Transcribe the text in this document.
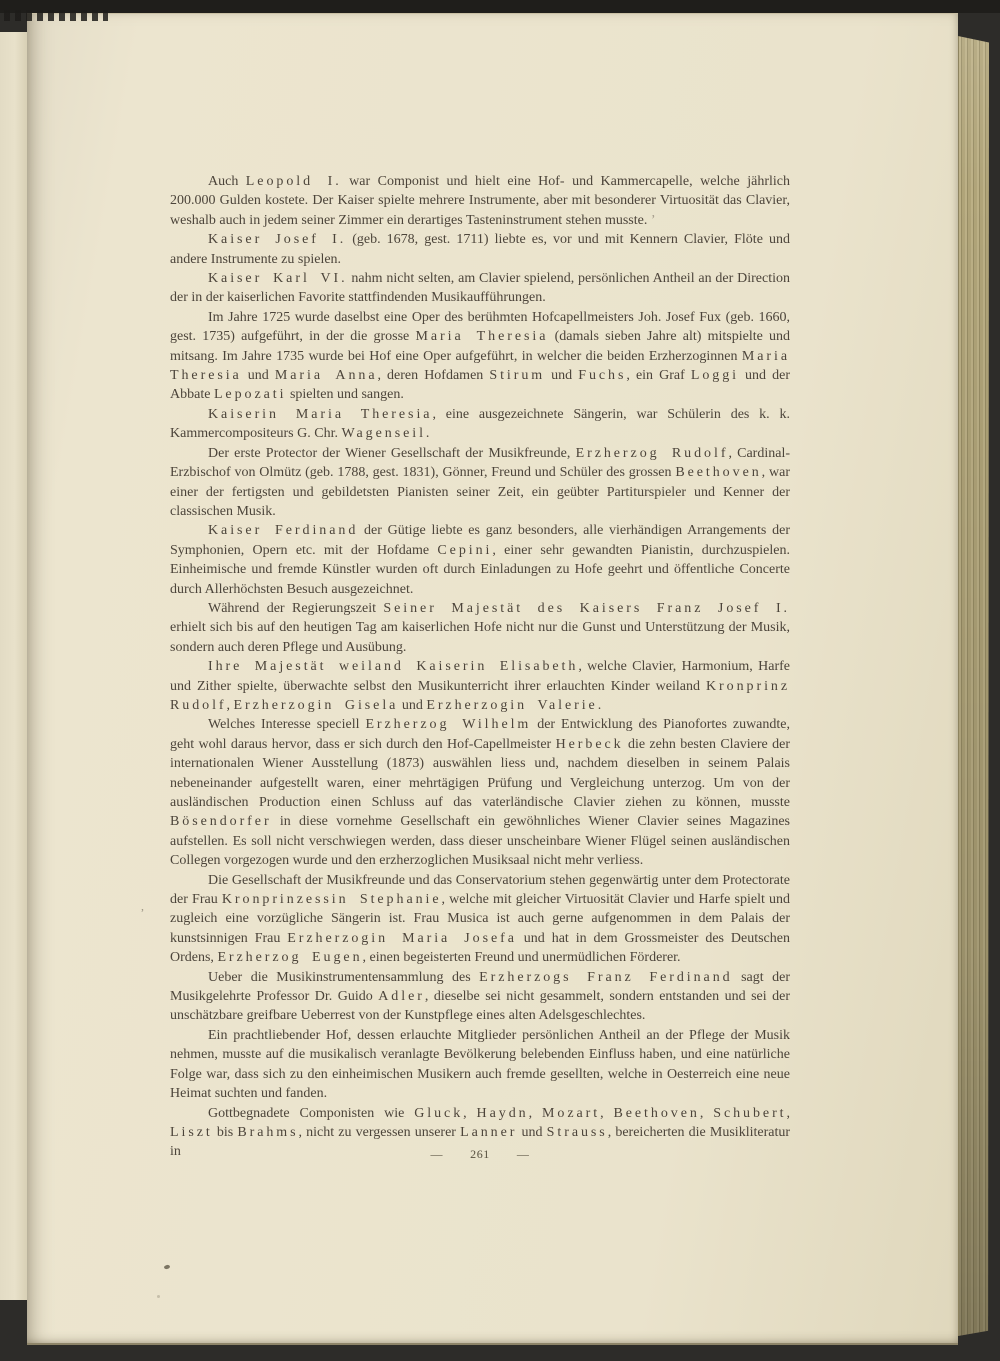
Auch Leopold I. war Componist und hielt eine Hof- und Kammercapelle, welche jährlich 200.000 Gulden kostete. Der Kaiser spielte mehrere Instrumente, aber mit besonderer Virtuosität das Clavier, weshalb auch in jedem seiner Zimmer ein derartiges Tasteninstrument stehen musste. ʼ

Kaiser Josef I. (geb. 1678, gest. 1711) liebte es, vor und mit Kennern Clavier, Flöte und andere Instrumente zu spielen.

Kaiser Karl VI. nahm nicht selten, am Clavier spielend, persönlichen Antheil an der Direction der in der kaiserlichen Favorite stattfindenden Musikaufführungen.

Im Jahre 1725 wurde daselbst eine Oper des berühmten Hofcapellmeisters Joh. Josef Fux (geb. 1660, gest. 1735) aufgeführt, in der die grosse Maria Theresia (damals sieben Jahre alt) mitspielte und mitsang. Im Jahre 1735 wurde bei Hof eine Oper aufgeführt, in welcher die beiden Erzherzoginnen Maria Theresia und Maria Anna, deren Hofdamen Stirum und Fuchs, ein Graf Loggi und der Abbate Lepozati spielten und sangen.

Kaiserin Maria Theresia, eine ausgezeichnete Sängerin, war Schülerin des k. k. Kammercompositeurs G. Chr. Wagenseil.

Der erste Protector der Wiener Gesellschaft der Musikfreunde, Erzherzog Rudolf, Cardinal-Erzbischof von Olmütz (geb. 1788, gest. 1831), Gönner, Freund und Schüler des grossen Beethoven, war einer der fertigsten und gebildetsten Pianisten seiner Zeit, ein geübter Partiturspieler und Kenner der classischen Musik.

Kaiser Ferdinand der Gütige liebte es ganz besonders, alle vierhändigen Arrangements der Symphonien, Opern etc. mit der Hofdame Cepini, einer sehr gewandten Pianistin, durchzuspielen. Einheimische und fremde Künstler wurden oft durch Einladungen zu Hofe geehrt und öffentliche Concerte durch Allerhöchsten Besuch ausgezeichnet.

Während der Regierungszeit Seiner Majestät des Kaisers Franz Josef I. erhielt sich bis auf den heutigen Tag am kaiserlichen Hofe nicht nur die Gunst und Unterstützung der Musik, sondern auch deren Pflege und Ausübung.

Ihre Majestät weiland Kaiserin Elisabeth, welche Clavier, Harmonium, Harfe und Zither spielte, überwachte selbst den Musikunterricht ihrer erlauchten Kinder weiland Kronprinz Rudolf, Erzherzogin Gisela und Erzherzogin Valerie.

Welches Interesse speciell Erzherzog Wilhelm der Entwicklung des Pianofortes zuwandte, geht wohl daraus hervor, dass er sich durch den Hof-Capellmeister Herbeck die zehn besten Claviere der internationalen Wiener Ausstellung (1873) auswählen liess und, nachdem dieselben in seinem Palais nebeneinander aufgestellt waren, einer mehrtägigen Prüfung und Vergleichung unterzog. Um von der ausländischen Production einen Schluss auf das vaterländische Clavier ziehen zu können, musste Bösendorfer in diese vornehme Gesellschaft ein gewöhnliches Wiener Clavier seines Magazines aufstellen. Es soll nicht verschwiegen werden, dass dieser unscheinbare Wiener Flügel seinen ausländischen Collegen vorgezogen wurde und den erzherzoglichen Musiksaal nicht mehr verliess.

Die Gesellschaft der Musikfreunde und das Conservatorium stehen gegenwärtig unter dem Protectorate der Frau Kronprinzessin Stephanie, welche mit gleicher Virtuosität Clavier und Harfe spielt und zugleich eine vorzügliche Sängerin ist. Frau Musica ist auch gerne aufgenommen in dem Palais der kunstsinnigen Frau Erzherzogin Maria Josefa und hat in dem Grossmeister des Deutschen Ordens, Erzherzog Eugen, einen begeisterten Freund und unermüdlichen Förderer.

Ueber die Musikinstrumentensammlung des Erzherzogs Franz Ferdinand sagt der Musikgelehrte Professor Dr. Guido Adler, dieselbe sei nicht gesammelt, sondern entstanden und sei der unschätzbare greifbare Ueberrest von der Kunstpflege eines alten Adelsgeschlechtes.

Ein prachtliebender Hof, dessen erlauchte Mitglieder persönlichen Antheil an der Pflege der Musik nehmen, musste auf die musikalisch veranlagte Bevölkerung belebenden Einfluss haben, und eine natürliche Folge war, dass sich zu den einheimischen Musikern auch fremde gesellten, welche in Oesterreich eine neue Heimat suchten und fanden.

Gottbegnadete Componisten wie Gluck, Haydn, Mozart, Beethoven, Schubert, Liszt bis Brahms, nicht zu vergessen unserer Lanner und Strauss, bereicherten die Musikliteratur in	— 261 —
,
